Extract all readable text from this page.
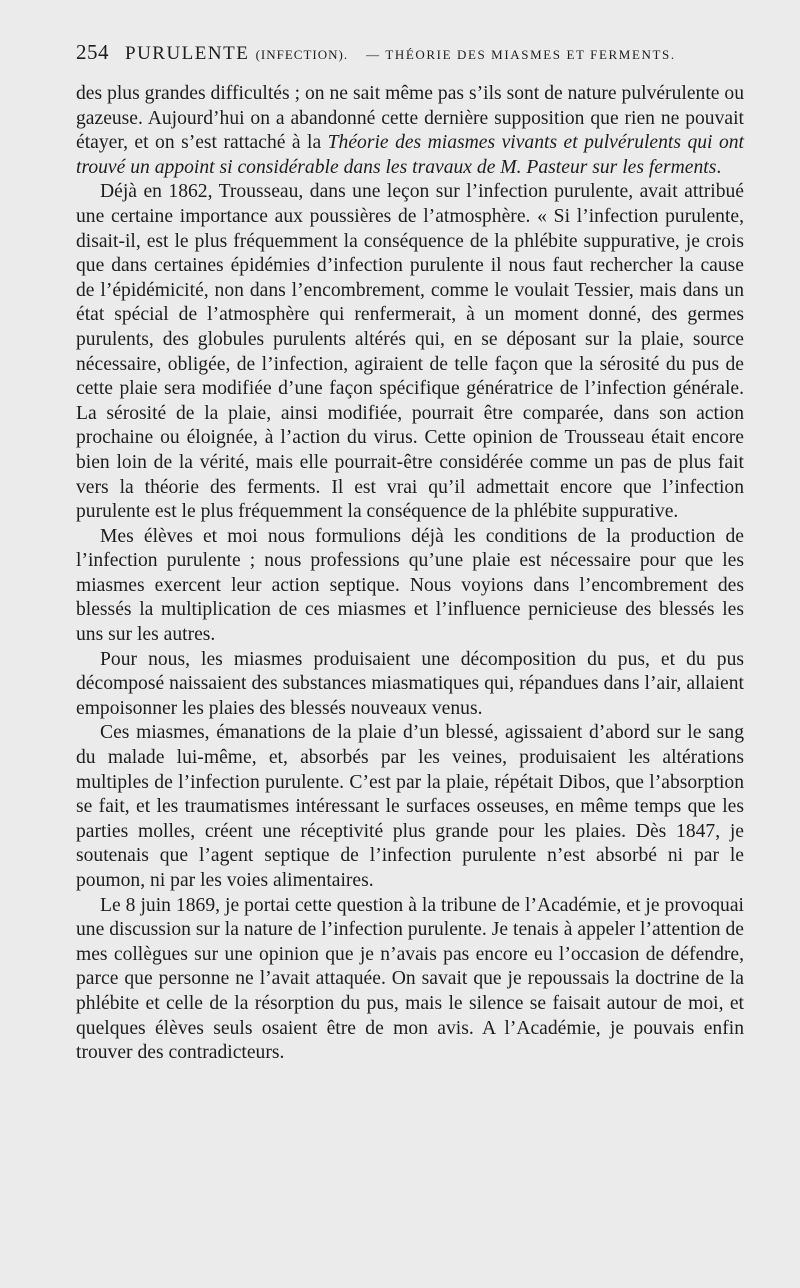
254 PURULENTE (INFECTION). — THÉORIE DES MIASMES ET FERMENTS.

des plus grandes difficultés ; on ne sait même pas s’ils sont de nature pulvérulente ou gazeuse. Aujourd’hui on a abandonné cette dernière supposition que rien ne pouvait étayer, et on s’est rattaché à la Théorie des miasmes vivants et pulvérulents qui ont trouvé un appoint si considérable dans les travaux de M. Pasteur sur les ferments.

Déjà en 1862, Trousseau, dans une leçon sur l’infection purulente, avait attribué une certaine importance aux poussières de l’atmosphère. « Si l’infection purulente, disait-il, est le plus fréquemment la conséquence de la phlébite suppurative, je crois que dans certaines épidémies d’infection purulente il nous faut rechercher la cause de l’épidémicité, non dans l’encombrement, comme le voulait Tessier, mais dans un état spécial de l’atmosphère qui renfermerait, à un moment donné, des germes purulents, des globules purulents altérés qui, en se déposant sur la plaie, source nécessaire, obligée, de l’infection, agiraient de telle façon que la sérosité du pus de cette plaie sera modifiée d’une façon spécifique génératrice de l’infection générale. La sérosité de la plaie, ainsi modifiée, pourrait être comparée, dans son action prochaine ou éloignée, à l’action du virus. Cette opinion de Trousseau était encore bien loin de la vérité, mais elle pourrait-être considérée comme un pas de plus fait vers la théorie des ferments. Il est vrai qu’il admettait encore que l’infection purulente est le plus fréquemment la conséquence de la phlébite suppurative.

Mes élèves et moi nous formulions déjà les conditions de la production de l’infection purulente ; nous professions qu’une plaie est nécessaire pour que les miasmes exercent leur action septique. Nous voyions dans l’encombrement des blessés la multiplication de ces miasmes et l’influence pernicieuse des blessés les uns sur les autres.

Pour nous, les miasmes produisaient une décomposition du pus, et du pus décomposé naissaient des substances miasmatiques qui, répandues dans l’air, allaient empoisonner les plaies des blessés nouveaux venus.

Ces miasmes, émanations de la plaie d’un blessé, agissaient d’abord sur le sang du malade lui-même, et, absorbés par les veines, produisaient les altérations multiples de l’infection purulente. C’est par la plaie, répétait Dibos, que l’absorption se fait, et les traumatismes intéressant le surfaces osseuses, en même temps que les parties molles, créent une réceptivité plus grande pour les plaies. Dès 1847, je soutenais que l’agent septique de l’infection purulente n’est absorbé ni par le poumon, ni par les voies alimentaires.

Le 8 juin 1869, je portai cette question à la tribune de l’Académie, et je provoquai une discussion sur la nature de l’infection purulente. Je tenais à appeler l’attention de mes collègues sur une opinion que je n’avais pas encore eu l’occasion de défendre, parce que personne ne l’avait attaquée. On savait que je repoussais la doctrine de la phlébite et celle de la résorption du pus, mais le silence se faisait autour de moi, et quelques élèves seuls osaient être de mon avis. A l’Académie, je pouvais enfin trouver des contradicteurs.
